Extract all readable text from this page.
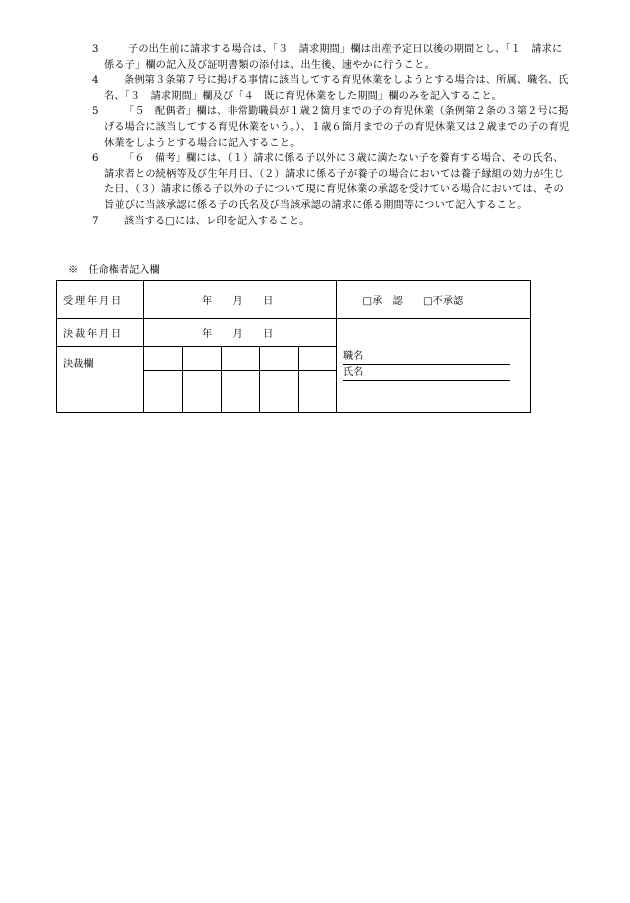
3	子の出生前に請求する場合は、「３　請求期間」欄は出産予定日以後の期間とし、「１　請求に係る子」欄の記入及び証明書類の添付は、出生後、速やかに行うこと。
4	条例第３条第７号に掲げる事情に該当してする育児休業をしようとする場合は、所属、職名、氏名、「３　請求期間」欄及び「４　既に育児休業をした期間」欄のみを記入すること。
5	「５　配偶者」欄は、非常勤職員が１歳２箇月までの子の育児休業（条例第２条の３第２号に掲げる場合に該当してする育児休業をいう。）、１歳６箇月までの子の育児休業又は２歳までの子の育児休業をしようとする場合に記入すること。
6	「６　備考」欄には、（１）請求に係る子以外に３歳に満たない子を養育する場合、その氏名、請求者との続柄等及び生年月日、（２）請求に係る子が養子の場合においては養子縁組の効力が生じた日、（３）請求に係る子以外の子について現に育児休業の承認を受けている場合においては、その旨並びに当該承認に係る子の氏名及び当該承認の請求に係る期間等について記入すること。
7	該当する□には、レ印を記入すること。
※　任命権者記入欄
受理年月日	年　　月　　日					□承　認　　 □不承認

決裁年月日	年　　月　　日					職名
氏名

決裁欄						
